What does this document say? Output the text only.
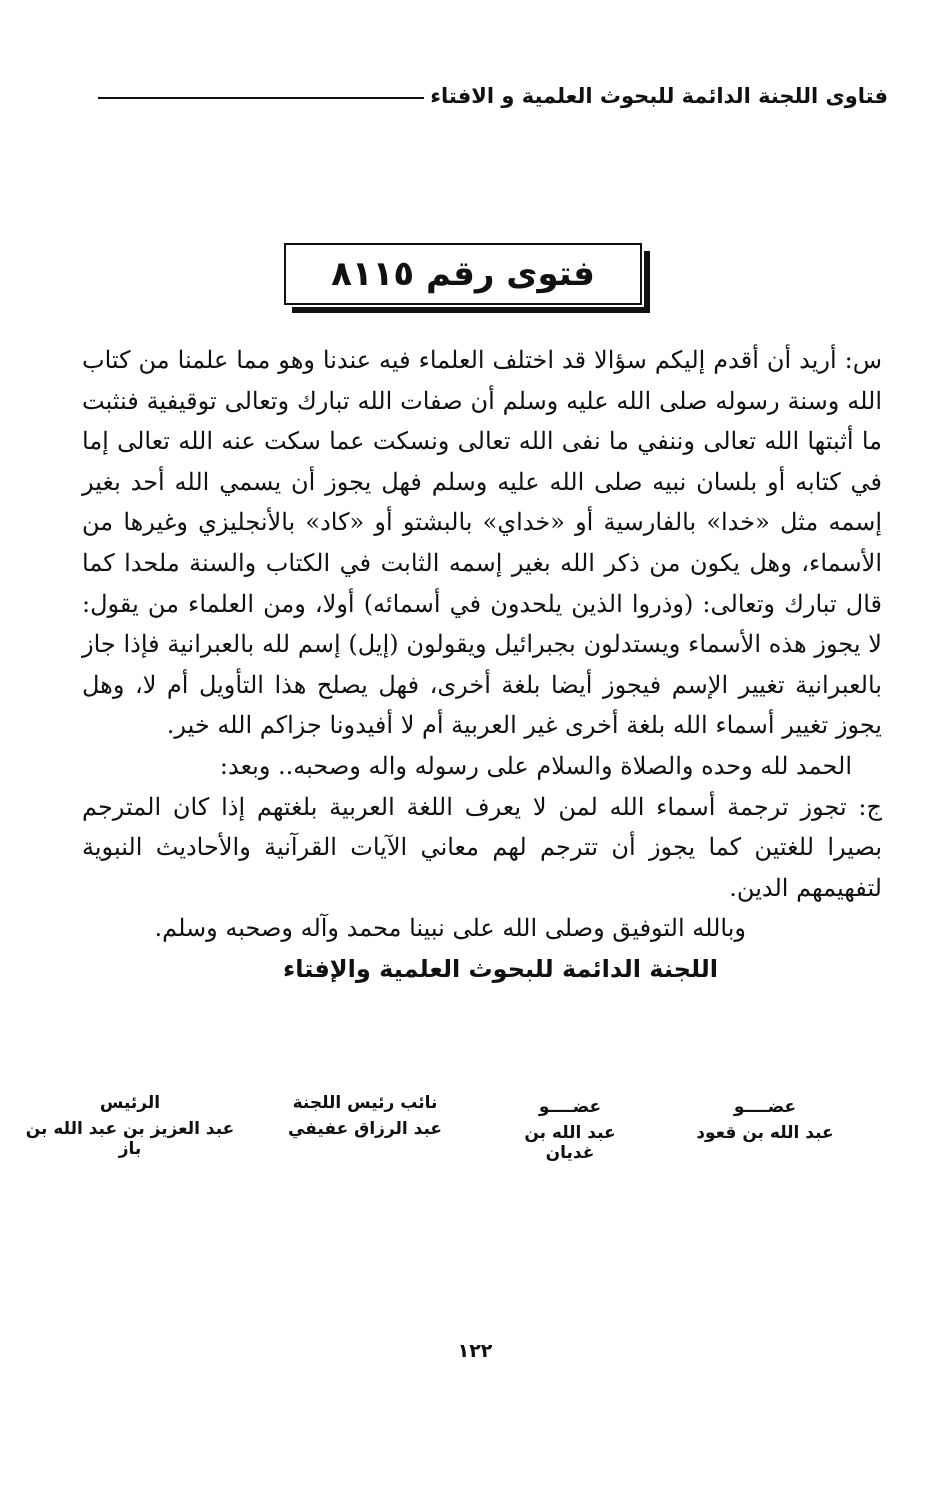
فتاوى اللجنة الدائمة للبحوث العلمية و الافتاء
فتوى رقم ٨١١٥

س: أريد أن أقدم إليكم سؤالا قد اختلف العلماء فيه عندنا وهو مما علمنا من كتاب الله وسنة رسوله صلى الله عليه وسلم أن صفات الله تبارك وتعالى توقيفية فنثبت ما أثبتها الله تعالى وننفي ما نفى الله تعالى ونسكت عما سكت عنه الله تعالى إما في كتابه أو بلسان نبيه صلى الله عليه وسلم فهل يجوز أن يسمي الله أحد بغير إسمه مثل «خدا» بالفارسية أو «خداي» بالبشتو أو «كاد» بالأنجليزي وغيرها من الأسماء، وهل يكون من ذكر الله بغير إسمه الثابت في الكتاب والسنة ملحدا كما قال تبارك وتعالى: (وذروا الذين يلحدون في أسمائه) أولا، ومن العلماء من يقول: لا يجوز هذه الأسماء ويستدلون بجبرائيل ويقولون (إيل) إسم لله بالعبرانية فإذا جاز بالعبرانية تغيير الإسم فيجوز أيضا بلغة أخرى، فهل يصلح هذا التأويل أم لا، وهل يجوز تغيير أسماء الله بلغة أخرى غير العربية أم لا أفيدونا جزاكم الله خير.

الحمد لله وحده والصلاة والسلام على رسوله واله وصحبه.. وبعد:

ج: تجوز ترجمة أسماء الله لمن لا يعرف اللغة العربية بلغتهم إذا كان المترجم بصيرا للغتين كما يجوز أن تترجم لهم معاني الآيات القرآنية والأحاديث النبوية لتفهيمهم الدين.

وبالله التوفيق وصلى الله على نبينا محمد وآله وصحبه وسلم.

اللجنة الدائمة للبحوث العلمية والإفتاء

عضــــو
عبد الله بن قعود
عضــــو
عبد الله بن غديان
نائب رئيس اللجنة
عبد الرزاق عفيفي
الرئيس
عبد العزيز بن عبد الله بن باز
١٢٢
